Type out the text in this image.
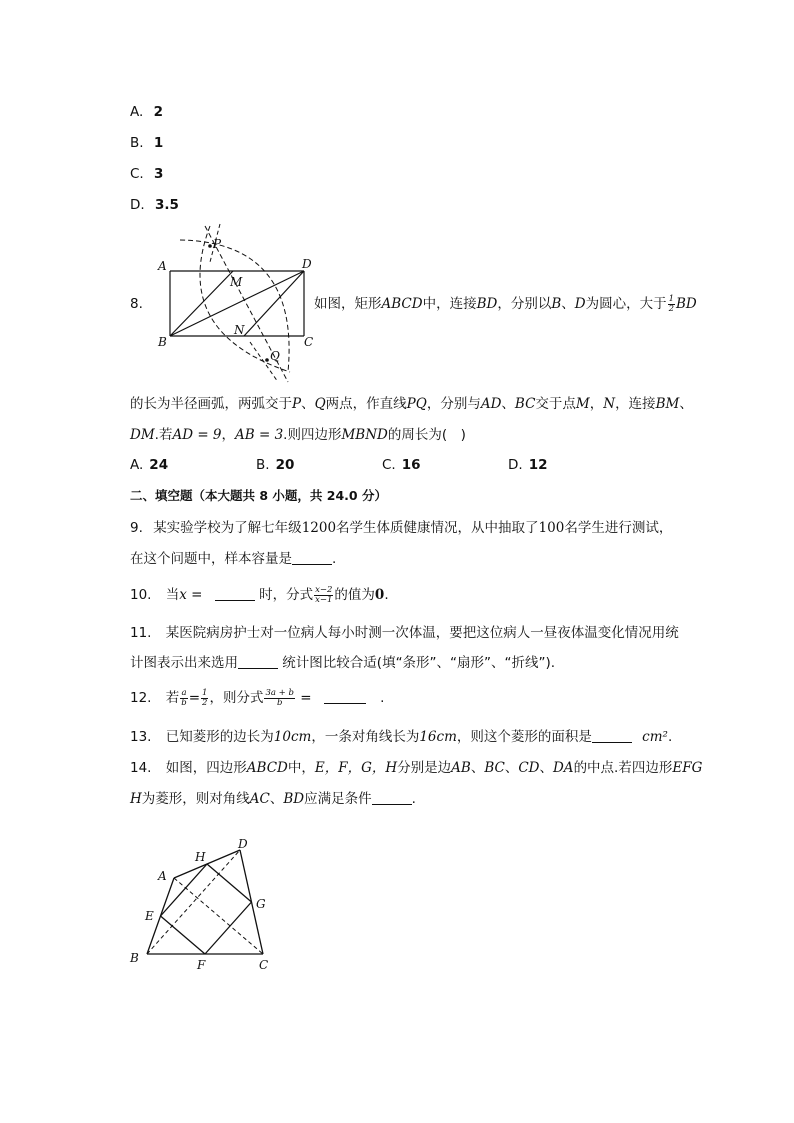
A. 2
B. 1
C. 3
D. 3.5
8.
A
B	C
D
M
N
P
Q
如图，矩形ABCD中，连接BD，分别以B、D为圆心，大于 $\frac{1}{2}$ BD
的长为半径画弧，两弧交于P、Q两点，作直线PQ，分别与AD、BC交于点M，N，连接BM、
DM.若AD = 9，AB = 3.则四边形MBND的周长为(　)
A. 24	B. 20	C. 16	D. 12
二、填空题（本大题共 8 小题，共 24.0 分）
9. 某实验学校为了解七年级1200名学生体质健康情况，从中抽取了100名学生进行测试，
在这个问题中，样本容量是	.
10. 当x =	时，分式 $\frac{x-2}{x-1}$ 的值为0.
11. 某医院病房护士对一位病人每小时测一次体温，要把这位病人一昼夜体温变化情况用统
计图表示出来选用	统计图比较合适(填“条形”、“扇形”、“折线”).
12. 若 $\frac{a}{b} = \frac{1}{2}$ ，则分式 $\frac{3a + b}{b}$ =	.
13. 已知菱形的边长为10cm，一条对角线长为16cm，则这个菱形的面积是	cm².
14. 如图，四边形ABCD中，E，F，G，H分别是边AB、BC、CD、DA的中点.若四边形EFG
H为菱形，则对角线AC、BD应满足条件	.
A
B	C
D
E
F
G
H
